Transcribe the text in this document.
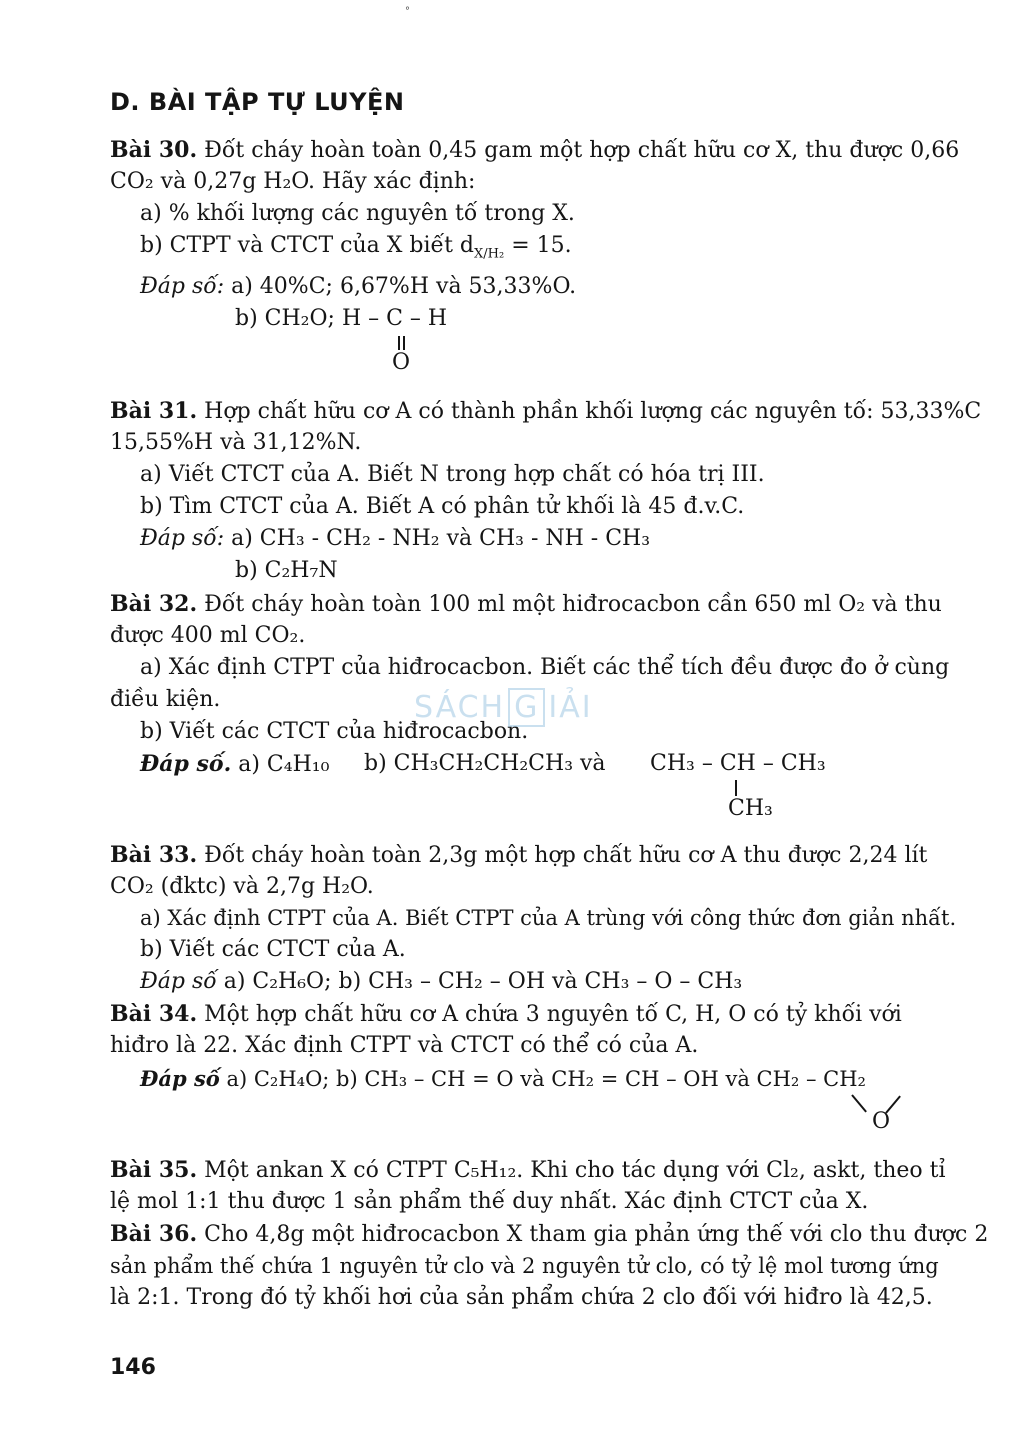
°
D. BÀI TẬP TỰ LUYỆN
Bài 30. Đốt cháy hoàn toàn 0,45 gam một hợp chất hữu cơ X, thu được 0,66
CO₂ và 0,27g H₂O. Hãy xác định:
a) % khối lượng các nguyên tố trong X.
b) CTPT và CTCT của X biết $d_{X/H_2} = 15$.
Đáp số: a) 40%C; 6,67%H và 53,33%O.
b) CH₂O; H – C – H
O
Bài 31. Hợp chất hữu cơ A có thành phần khối lượng các nguyên tố: 53,33%C
15,55%H và 31,12%N.
a) Viết CTCT của A. Biết N trong hợp chất có hóa trị III.
b) Tìm CTCT của A. Biết A có phân tử khối là 45 đ.v.C.
Đáp số: a) CH₃ - CH₂ - NH₂ và CH₃ - NH - CH₃
b) C₂H₇N
Bài 32. Đốt cháy hoàn toàn 100 ml một hiđrocacbon cần 650 ml O₂ và thu
được 400 ml CO₂.
a) Xác định CTPT của hiđrocacbon. Biết các thể tích đều được đo ở cùng
điều kiện.
b) Viết các CTCT của hiđrocacbon.
Đáp số. a) C₄H₁₀ b) CH₃CH₂CH₂CH₃ và CH₃ – CH – CH₃
CH₃
Bài 33. Đốt cháy hoàn toàn 2,3g một hợp chất hữu cơ A thu được 2,24 lít
CO₂ (đktc) và 2,7g H₂O.
a) Xác định CTPT của A. Biết CTPT của A trùng với công thức đơn giản nhất.
b) Viết các CTCT của A.
Đáp số a) C₂H₆O; b) CH₃ – CH₂ – OH và CH₃ – O – CH₃
Bài 34. Một hợp chất hữu cơ A chứa 3 nguyên tố C, H, O có tỷ khối với
hiđro là 22. Xác định CTPT và CTCT có thể có của A.
Đáp số a) C₂H₄O; b) CH₃ – CH = O và CH₂ = CH – OH và CH₂ – CH₂
O
Bài 35. Một ankan X có CTPT C₅H₁₂. Khi cho tác dụng với Cl₂, askt, theo tỉ
lệ mol 1:1 thu được 1 sản phẩm thế duy nhất. Xác định CTCT của X.
Bài 36. Cho 4,8g một hiđrocacbon X tham gia phản ứng thế với clo thu được 2
sản phẩm thế chứa 1 nguyên tử clo và 2 nguyên tử clo, có tỷ lệ mol tương ứng
là 2:1. Trong đó tỷ khối hơi của sản phẩm chứa 2 clo đối với hiđro là 42,5.
SÁCH G IẢI
146
